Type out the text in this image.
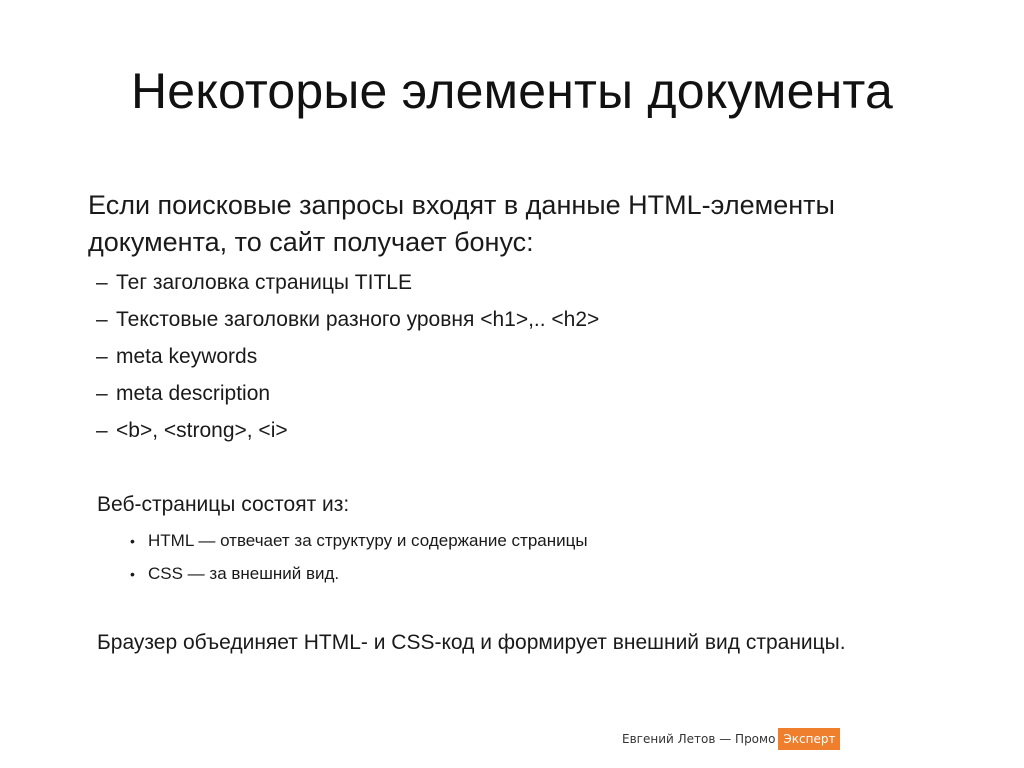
Некоторые элементы документа
Если поисковые запросы входят в данные HTML-элементы документа, то сайт получает бонус:
– Тег заголовка страницы TITLE
– Текстовые заголовки разного уровня <h1>,.. <h2>
– meta keywords
– meta description
– <b>, <strong>, <i>
Веб-страницы состоят из:
• HTML — отвечает за структуру и содержание страницы
• CSS — за внешний вид.
Браузер объединяет HTML- и CSS-код и формирует внешний вид страницы.
Евгений Летов — Промо Эксперт
